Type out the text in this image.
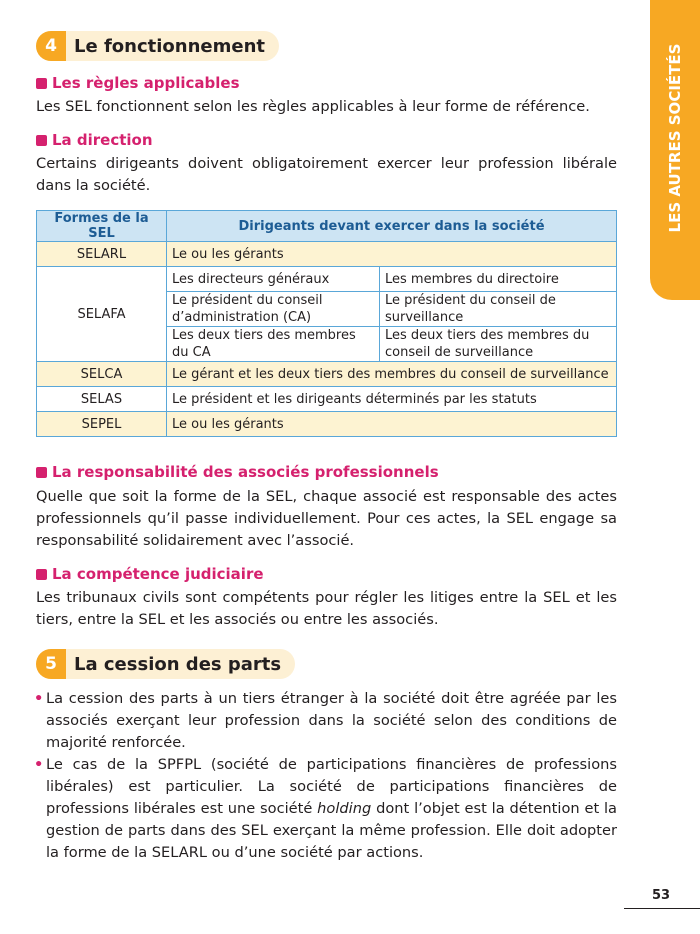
LES AUTRES SOCIÉTÉS
4 Le fonctionnement
Les règles applicables
Les SEL fonctionnent selon les règles applicables à leur forme de référence.
La direction
Certains dirigeants doivent obligatoirement exercer leur profession libérale dans la société.
Formes de la SEL	Dirigeants devant exercer dans la société	
SELARL	Le ou les gérants	
SELAFA	Les directeurs généraux	Les membres du directoire
	Le président du conseil d’administration (CA)	Le président du conseil de surveillance
	Les deux tiers des membres du CA	Les deux tiers des membres du conseil de surveillance
SELCA	Le gérant et les deux tiers des membres du conseil de surveillance	
SELAS	Le président et les dirigeants déterminés par les statuts	
SEPEL	Le ou les gérants	
La responsabilité des associés professionnels
Quelle que soit la forme de la SEL, chaque associé est responsable des actes professionnels qu’il passe individuellement. Pour ces actes, la SEL engage sa responsabilité solidairement avec l’associé.
La compétence judiciaire
Les tribunaux civils sont compétents pour régler les litiges entre la SEL et les tiers, entre la SEL et les associés ou entre les associés.
5 La cession des parts
• La cession des parts à un tiers étranger à la société doit être agréée par les associés exerçant leur profession dans la société selon des conditions de majorité renforcée.
• Le cas de la SPFPL (société de participations financières de professions libérales) est particulier. La société de participations financières de professions libérales est une société holding dont l’objet est la détention et la gestion de parts dans des SEL exerçant la même profession. Elle doit adopter la forme de la SELARL ou d’une société par actions.
53
